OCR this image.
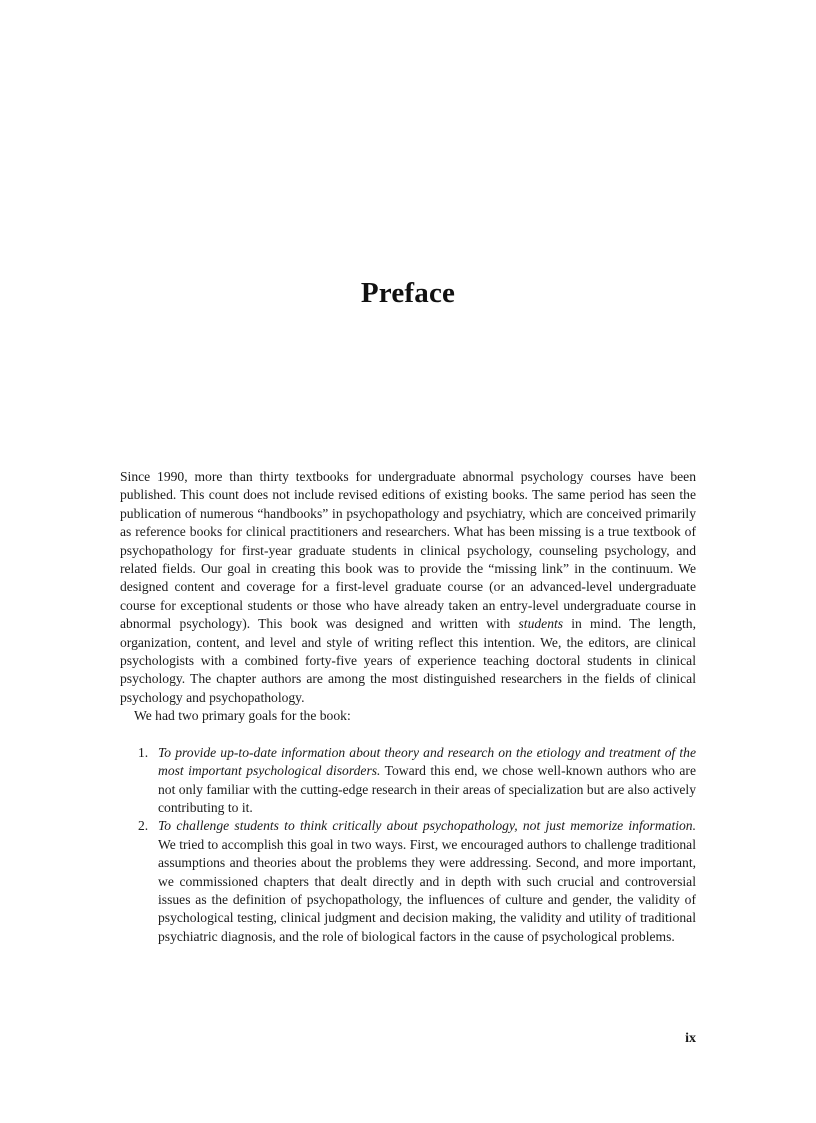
Preface

Since 1990, more than thirty textbooks for undergraduate abnormal psychology courses have been published. This count does not include revised editions of existing books. The same period has seen the publication of numerous “handbooks” in psychopathology and psychiatry, which are conceived primarily as reference books for clinical practitioners and researchers. What has been missing is a true textbook of psychopathology for first-year graduate students in clinical psychology, counseling psychology, and related fields. Our goal in creating this book was to provide the “missing link” in the continuum. We designed content and coverage for a first-level graduate course (or an advanced-level undergraduate course for exceptional students or those who have already taken an entry-level undergraduate course in abnormal psychology). This book was designed and written with students in mind. The length, organization, content, and level and style of writing reflect this intention. We, the editors, are clinical psychologists with a combined forty-five years of experience teaching doctoral students in clinical psychology. The chapter authors are among the most distinguished researchers in the fields of clinical psychology and psychopathology.

We had two primary goals for the book:

1. To provide up-to-date information about theory and research on the etiology and treatment of the most important psychological disorders. Toward this end, we chose well-known authors who are not only familiar with the cutting-edge research in their areas of specialization but are also actively contributing to it.
2. To challenge students to think critically about psychopathology, not just memorize information. We tried to accomplish this goal in two ways. First, we encouraged authors to challenge traditional assumptions and theories about the problems they were addressing. Second, and more important, we commissioned chapters that dealt directly and in depth with such crucial and controversial issues as the definition of psychopathology, the influences of culture and gender, the validity of psychological testing, clinical judgment and decision making, the validity and utility of traditional psychiatric diagnosis, and the role of biological factors in the cause of psychological problems.
ix
